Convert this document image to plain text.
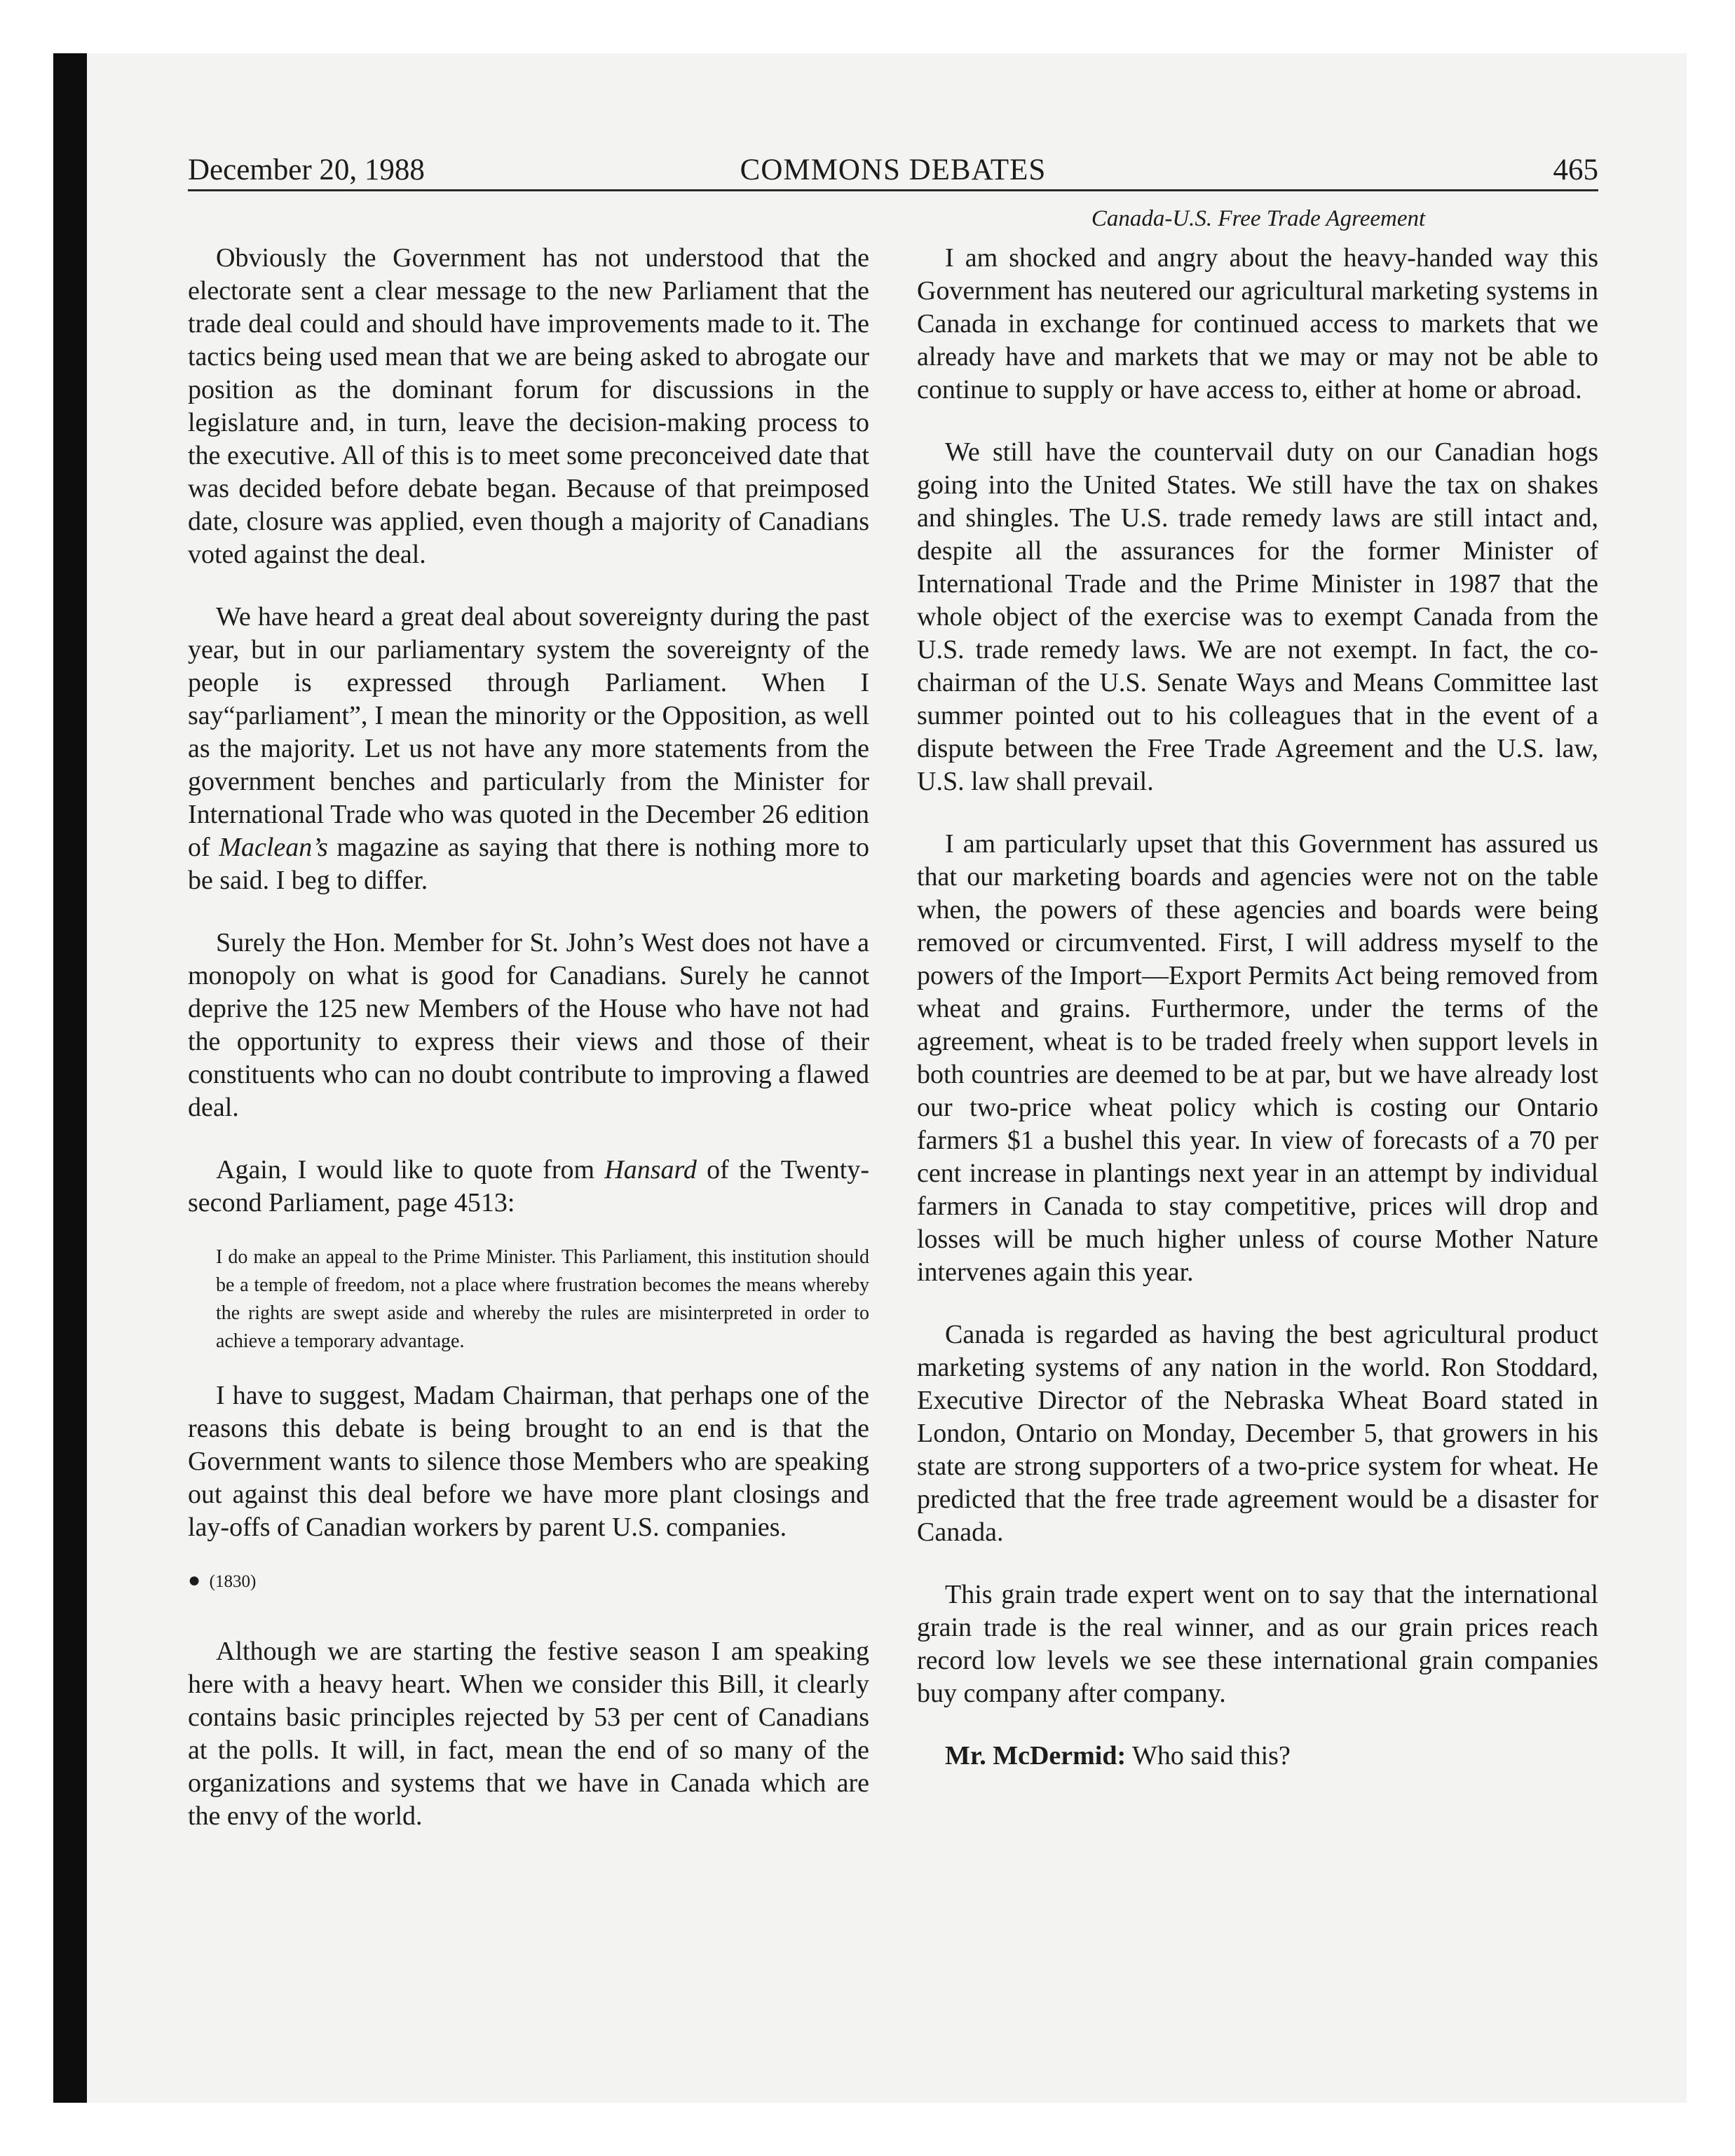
December 20, 1988	COMMONS DEBATES	465
Canada-U.S. Free Trade Agreement

Obviously the Government has not understood that the electorate sent a clear message to the new Parliament that the trade deal could and should have improvements made to it. The tactics being used mean that we are being asked to abrogate our position as the dominant forum for discussions in the legislature and, in turn, leave the decision-making process to the executive. All of this is to meet some preconceived date that was decided before debate began. Because of that preimposed date, closure was applied, even though a majority of Canadians voted against the deal.

We have heard a great deal about sovereignty during the past year, but in our parliamentary system the sovereignty of the people is expressed through Parliament. When I say“parliament”, I mean the minority or the Opposition, as well as the majority. Let us not have any more statements from the government benches and particularly from the Minister for International Trade who was quoted in the December 26 edition of Maclean’s magazine as saying that there is nothing more to be said. I beg to differ.

Surely the Hon. Member for St. John’s West does not have a monopoly on what is good for Canadians. Surely he cannot deprive the 125 new Members of the House who have not had the opportunity to express their views and those of their constituents who can no doubt contribute to improving a flawed deal.

Again, I would like to quote from Hansard of the Twenty-second Parliament, page 4513:

I do make an appeal to the Prime Minister. This Parliament, this institution should be a temple of freedom, not a place where frustration becomes the means whereby the rights are swept aside and whereby the rules are misinterpreted in order to achieve a temporary advantage.

I have to suggest, Madam Chairman, that perhaps one of the reasons this debate is being brought to an end is that the Government wants to silence those Members who are speaking out against this deal before we have more plant closings and lay-offs of Canadian workers by parent U.S. companies.

● (1830)

Although we are starting the festive season I am speaking here with a heavy heart. When we consider this Bill, it clearly contains basic principles rejected by 53 per cent of Canadians at the polls. It will, in fact, mean the end of so many of the organizations and systems that we have in Canada which are the envy of the world.

I am shocked and angry about the heavy-handed way this Government has neutered our agricultural marketing systems in Canada in exchange for continued access to markets that we already have and markets that we may or may not be able to continue to supply or have access to, either at home or abroad.

We still have the countervail duty on our Canadian hogs going into the United States. We still have the tax on shakes and shingles. The U.S. trade remedy laws are still intact and, despite all the assurances for the former Minister of International Trade and the Prime Minister in 1987 that the whole object of the exercise was to exempt Canada from the U.S. trade remedy laws. We are not exempt. In fact, the co-chairman of the U.S. Senate Ways and Means Committee last summer pointed out to his colleagues that in the event of a dispute between the Free Trade Agreement and the U.S. law, U.S. law shall prevail.

I am particularly upset that this Government has assured us that our marketing boards and agencies were not on the table when, the powers of these agencies and boards were being removed or circumvented. First, I will address myself to the powers of the Import—Export Permits Act being removed from wheat and grains. Furthermore, under the terms of the agreement, wheat is to be traded freely when support levels in both countries are deemed to be at par, but we have already lost our two-price wheat policy which is costing our Ontario farmers $1 a bushel this year. In view of forecasts of a 70 per cent increase in plantings next year in an attempt by individual farmers in Canada to stay competitive, prices will drop and losses will be much higher unless of course Mother Nature intervenes again this year.

Canada is regarded as having the best agricultural product marketing systems of any nation in the world. Ron Stoddard, Executive Director of the Nebraska Wheat Board stated in London, Ontario on Monday, December 5, that growers in his state are strong supporters of a two-price system for wheat. He predicted that the free trade agreement would be a disaster for Canada.

This grain trade expert went on to say that the international grain trade is the real winner, and as our grain prices reach record low levels we see these international grain companies buy company after company.

Mr. McDermid: Who said this?
